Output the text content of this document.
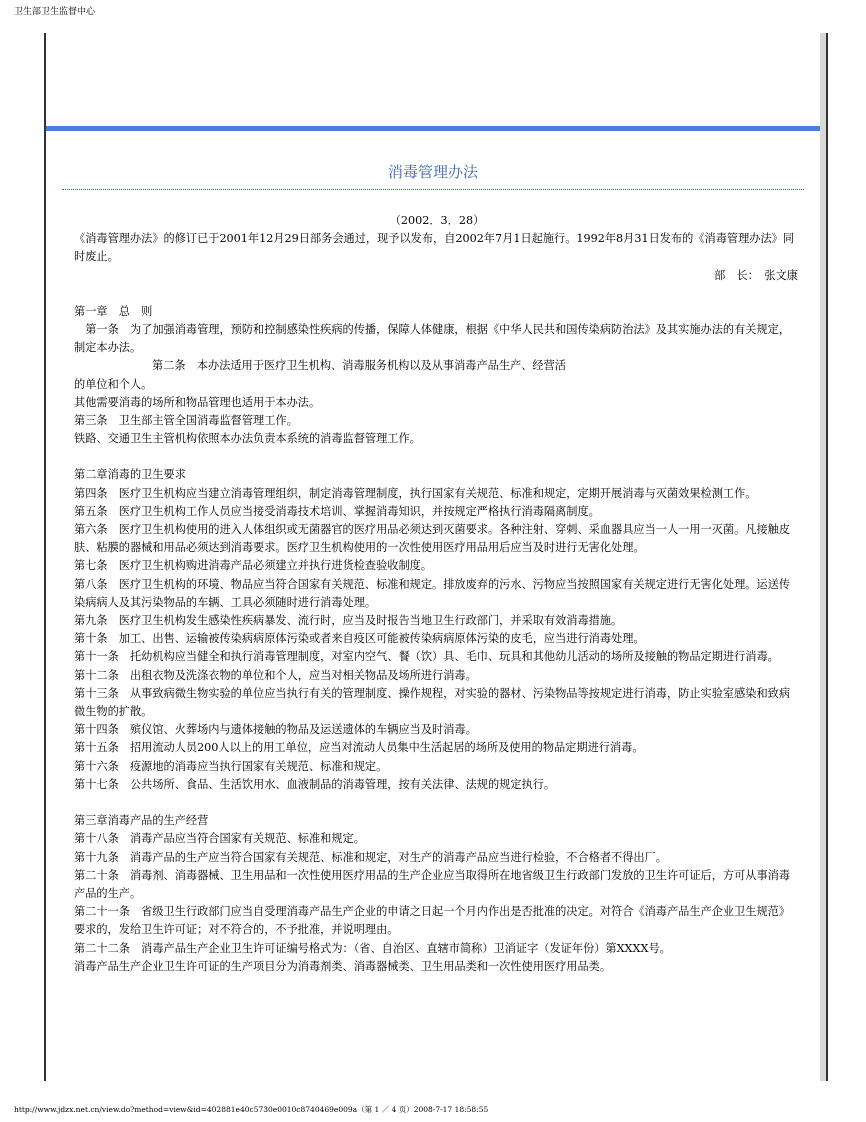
卫生部卫生监督中心
消毒管理办法

（2002．3．28）

《消毒管理办法》的修订已于2001年12月29日部务会通过，现予以发布，自2002年7月1日起施行。1992年8月31日发布的《消毒管理办法》同时废止。

部　长：　张文康

第一章　总　则

　第一条　为了加强消毒管理，预防和控制感染性疾病的传播，保障人体健康，根据《中华人民共和国传染病防治法》及其实施办法的有关规定，制定本办法。

第二条　本办法适用于医疗卫生机构、消毒服务机构以及从事消毒产品生产、经营活

的单位和个人。

其他需要消毒的场所和物品管理也适用于本办法。

第三条　卫生部主管全国消毒监督管理工作。

铁路、交通卫生主管机构依照本办法负责本系统的消毒监督管理工作。

第二章消毒的卫生要求

第四条　医疗卫生机构应当建立消毒管理组织，制定消毒管理制度，执行国家有关规范、标准和规定，定期开展消毒与灭菌效果检测工作。

第五条　医疗卫生机构工作人员应当接受消毒技术培训、掌握消毒知识，并按规定严格执行消毒隔离制度。

第六条　医疗卫生机构使用的进入人体组织或无菌器官的医疗用品必须达到灭菌要求。各种注射、穿刺、采血器具应当一人一用一灭菌。凡接触皮肤、粘膜的器械和用品必须达到消毒要求。医疗卫生机构使用的一次性使用医疗用品用后应当及时进行无害化处理。

第七条　医疗卫生机构购进消毒产品必须建立并执行进货检查验收制度。

第八条　医疗卫生机构的环境、物品应当符合国家有关规范、标准和规定。排放废弃的污水、污物应当按照国家有关规定进行无害化处理。运送传染病病人及其污染物品的车辆、工具必须随时进行消毒处理。

第九条　医疗卫生机构发生感染性疾病暴发、流行时，应当及时报告当地卫生行政部门，并采取有效消毒措施。

第十条　加工、出售、运输被传染病病原体污染或者来自疫区可能被传染病病原体污染的皮毛，应当进行消毒处理。

第十一条　托幼机构应当健全和执行消毒管理制度，对室内空气、餐（饮）具、毛巾、玩具和其他幼儿活动的场所及接触的物品定期进行消毒。

第十二条　出租衣物及洗涤衣物的单位和个人，应当对相关物品及场所进行消毒。

第十三条　从事致病微生物实验的单位应当执行有关的管理制度、操作规程，对实验的器材、污染物品等按规定进行消毒，防止实验室感染和致病微生物的扩散。

第十四条　殡仪馆、火葬场内与遗体接触的物品及运送遗体的车辆应当及时消毒。

第十五条　招用流动人员200人以上的用工单位，应当对流动人员集中生活起居的场所及使用的物品定期进行消毒。

第十六条　疫源地的消毒应当执行国家有关规范、标准和规定。

第十七条　公共场所、食品、生活饮用水、血液制品的消毒管理，按有关法律、法规的规定执行。

第三章消毒产品的生产经营

第十八条　消毒产品应当符合国家有关规范、标准和规定。

第十九条　消毒产品的生产应当符合国家有关规范、标准和规定，对生产的消毒产品应当进行检验，不合格者不得出厂。

第二十条　消毒剂、消毒器械、卫生用品和一次性使用医疗用品的生产企业应当取得所在地省级卫生行政部门发放的卫生许可证后，方可从事消毒产品的生产。

第二十一条　省级卫生行政部门应当自受理消毒产品生产企业的申请之日起一个月内作出是否批准的决定。对符合《消毒产品生产企业卫生规范》要求的，发给卫生许可证；对不符合的，不予批准，并说明理由。

第二十二条　消毒产品生产企业卫生许可证编号格式为：（省、自治区、直辖市简称）卫消证字（发证年份）第XXXX号。

消毒产品生产企业卫生许可证的生产项目分为消毒剂类、消毒器械类、卫生用品类和一次性使用医疗用品类。

http://www.jdzx.net.cn/view.do?method=view&id=402881e40c5730e0010c8740469e009a（第 1 ／ 4 页）2008-7-17 18:58:55
